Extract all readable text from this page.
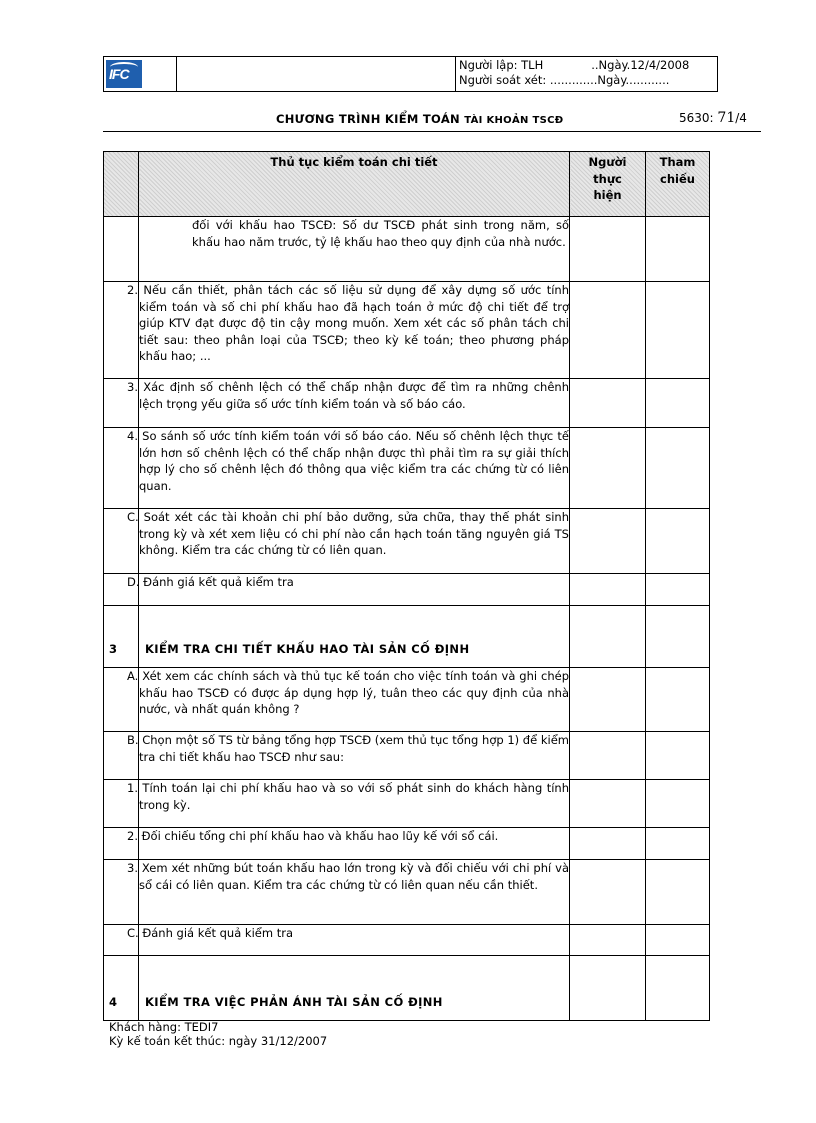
IFC
Người lập: TLH	..Ngày.12/4/2008
Người soát xét: .............Ngày............
CHƯƠNG TRÌNH KIỂM TOÁN TÀI KHOẢN TSCĐ	5630: 71/4
	Thủ tục kiểm toán chi tiết	Người thực hiện	Tham chiếu

	đối với khấu hao TSCĐ: Số dư TSCĐ phát sinh trong năm, số khấu hao năm trước, tỷ lệ khấu hao theo quy định của nhà nước.		
	2. Nếu cần thiết, phân tách các số liệu sử dụng để xây dựng số ước tính kiểm toán và số chi phí khấu hao đã hạch toán ở mức độ chi tiết để trợ giúp KTV đạt được độ tin cậy mong muốn. Xem xét các số phân tách chi tiết sau: theo phân loại của TSCĐ; theo kỳ kế toán; theo phương pháp khấu hao; ...		
	3. Xác định số chênh lệch có thể chấp nhận được để tìm ra những chênh lệch trọng yếu giữa số ước tính kiểm toán và số báo cáo.		
	4. So sánh số ước tính kiểm toán với số báo cáo. Nếu số chênh lệch thực tế lớn hơn số chênh lệch có thể chấp nhận được thì phải tìm ra sự giải thích hợp lý cho số chênh lệch đó thông qua việc kiểm tra các chứng từ có liên quan.		
	C. Soát xét các tài khoản chi phí bảo dưỡng, sửa chữa, thay thế phát sinh trong kỳ và xét xem liệu có chi phí nào cần hạch toán tăng nguyên giá TS không. Kiểm tra các chứng từ có liên quan.		
	D. Đánh giá kết quả kiểm tra		
3	KIỂM TRA CHI TIẾT KHẤU HAO TÀI SẢN CỐ ĐỊNH		
	A. Xét xem các chính sách và thủ tục kế toán cho việc tính toán và ghi chép khấu hao TSCĐ có được áp dụng hợp lý, tuân theo các quy định của nhà nước, và nhất quán không ?		
	B. Chọn một số TS từ bảng tổng hợp TSCĐ (xem thủ tục tổng hợp 1) để kiểm tra chi tiết khấu hao TSCĐ như sau:		
	1. Tính toán lại chi phí khấu hao và so với số phát sinh do khách hàng tính trong kỳ.		
	2. Đối chiếu tổng chi phí khấu hao và khấu hao lũy kế với sổ cái.		
	3. Xem xét những bút toán khấu hao lớn trong kỳ và đối chiếu với chi phí và sổ cái có liên quan. Kiểm tra các chứng từ có liên quan nếu cần thiết.		
	C. Đánh giá kết quả kiểm tra		
4	KIỂM TRA VIỆC PHẢN ÁNH TÀI SẢN CỐ ĐỊNH		
Khách hàng: TEDI7
Kỳ kế toán kết thúc: ngày 31/12/2007
